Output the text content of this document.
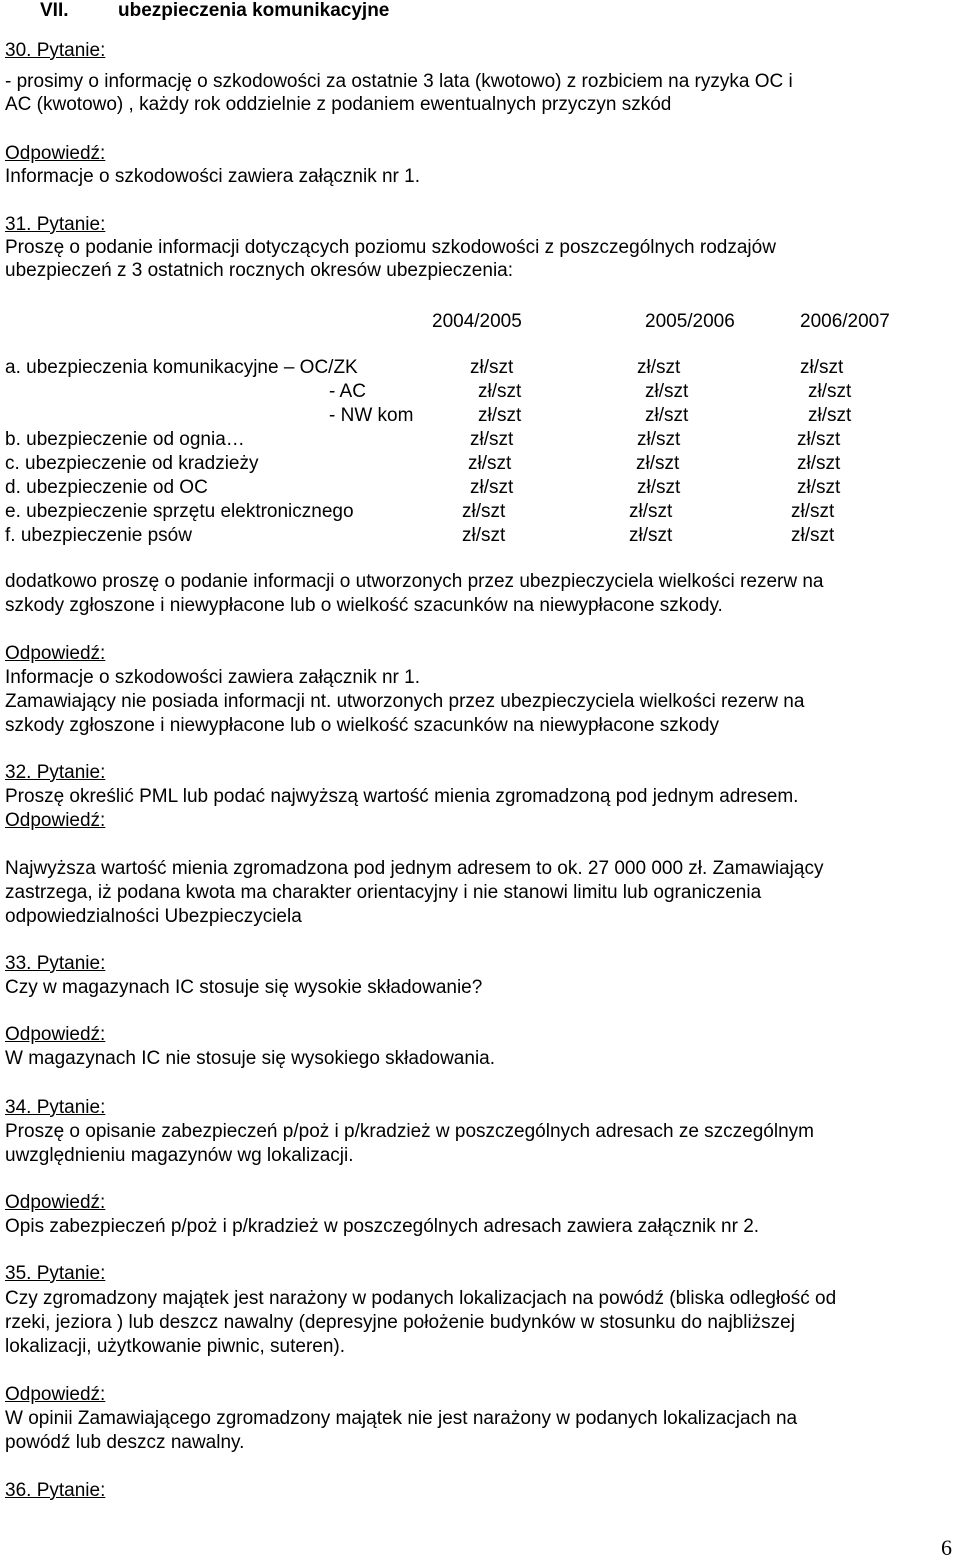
VII.	ubezpieczenia komunikacyjne
30. Pytanie:
- prosimy o informację o szkodowości za ostatnie 3 lata (kwotowo) z rozbiciem na ryzyka OC i
AC (kwotowo) , każdy rok oddzielnie z podaniem ewentualnych przyczyn szkód
Odpowiedź:
Informacje o szkodowości zawiera załącznik nr 1.
31. Pytanie:
Proszę o podanie informacji dotyczących poziomu szkodowości z poszczególnych rodzajów
ubezpieczeń z 3 ostatnich rocznych okresów ubezpieczenia:
2004/2005	2005/2006	2006/2007
a. ubezpieczenia komunikacyjne – OC/ZK	zł/szt	zł/szt	zł/szt
- AC	zł/szt	zł/szt	zł/szt
- NW kom	zł/szt	zł/szt	zł/szt
b. ubezpieczenie od ognia…	zł/szt	zł/szt	zł/szt
c. ubezpieczenie od kradzieży	zł/szt	zł/szt	zł/szt
d. ubezpieczenie od OC	zł/szt	zł/szt	zł/szt
e. ubezpieczenie sprzętu elektronicznego	zł/szt	zł/szt	zł/szt
f. ubezpieczenie psów	zł/szt	zł/szt	zł/szt
dodatkowo proszę o podanie informacji o utworzonych przez ubezpieczyciela wielkości rezerw na
szkody zgłoszone i niewypłacone lub o wielkość szacunków na niewypłacone szkody.
Odpowiedź:
Informacje o szkodowości zawiera załącznik nr 1.
Zamawiający nie posiada informacji nt. utworzonych przez ubezpieczyciela wielkości rezerw na
szkody zgłoszone i niewypłacone lub o wielkość szacunków na niewypłacone szkody
32. Pytanie:
Proszę określić PML lub podać najwyższą wartość mienia zgromadzoną pod jednym adresem.
Odpowiedź:
Najwyższa wartość mienia zgromadzona pod jednym adresem to ok. 27 000 000 zł. Zamawiający
zastrzega, iż podana kwota ma charakter orientacyjny i nie stanowi limitu lub ograniczenia
odpowiedzialności Ubezpieczyciela
33. Pytanie:
Czy w magazynach IC stosuje się wysokie składowanie?
Odpowiedź:
W magazynach IC nie stosuje się wysokiego składowania.
34. Pytanie:
Proszę o opisanie zabezpieczeń p/poż i p/kradzież w poszczególnych adresach ze szczególnym
uwzględnieniu magazynów wg lokalizacji.
Odpowiedź:
Opis zabezpieczeń p/poż i p/kradzież w poszczególnych adresach zawiera załącznik nr 2.
35. Pytanie:
Czy zgromadzony majątek jest narażony w podanych lokalizacjach na powódź (bliska odległość od
rzeki, jeziora ) lub deszcz nawalny (depresyjne położenie budynków w stosunku do najbliższej
lokalizacji, użytkowanie piwnic, suteren).
Odpowiedź:
W opinii Zamawiającego zgromadzony majątek nie jest narażony w podanych lokalizacjach na
powódź lub deszcz nawalny.
36. Pytanie:
6
